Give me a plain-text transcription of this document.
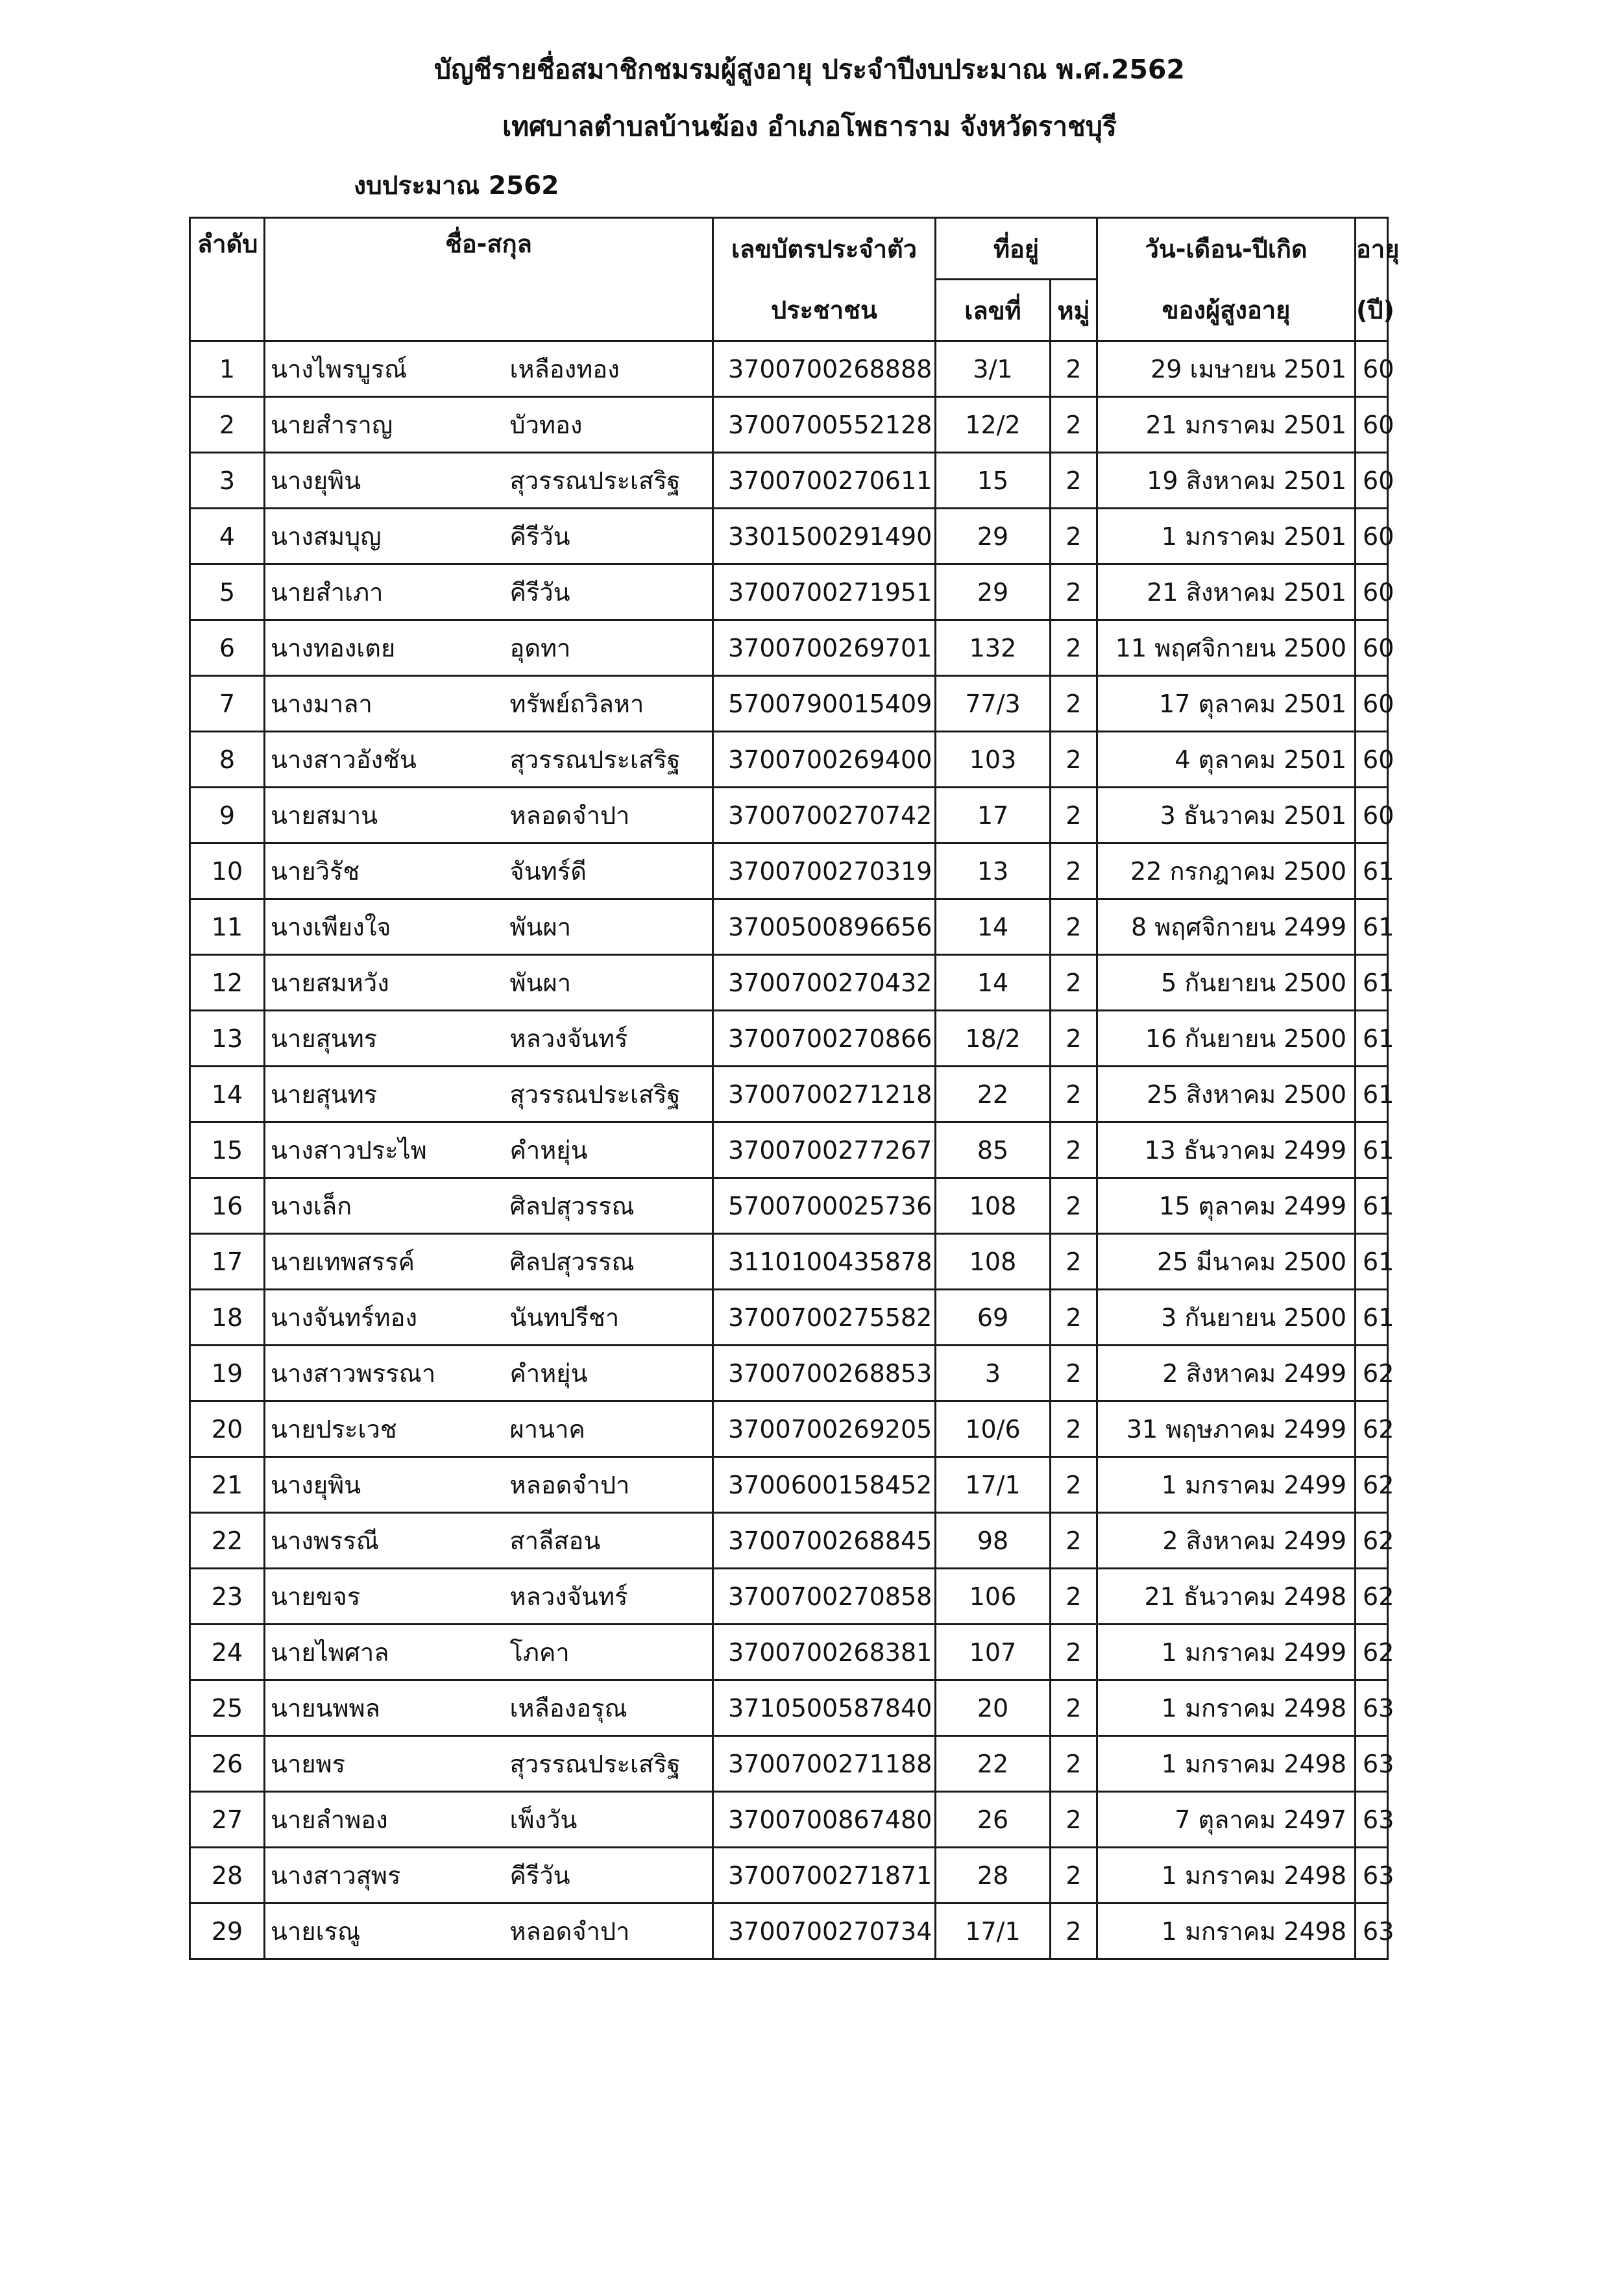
บัญชีรายชื่อสมาชิกชมรมผู้สูงอายุ ประจำปีงบประมาณ พ.ศ.2562
เทศบาลตำบลบ้านฆ้อง อำเภอโพธาราม จังหวัดราชบุรี
งบประมาณ 2562
ลำดับ	ชื่อ-สกุล		เลขบัตรประจำตัว	ที่อยู่		วัน-เดือน-ปีเกิด	อายุ
			ประชาชน	เลขที่	หมู่	ของผู้สูงอายุ	(ปี)
1	นางไพรบูรณ์	เหลืองทอง	3700700268888	3/1	2	29 เมษายน 2501	60
2	นายสำราญ	บัวทอง	3700700552128	12/2	2	21 มกราคม 2501	60
3	นางยุพิน	สุวรรณประเสริฐ	3700700270611	15	2	19 สิงหาคม 2501	60
4	นางสมบุญ	คีรีวัน	3301500291490	29	2	1 มกราคม 2501	60
5	นายสำเภา	คีรีวัน	3700700271951	29	2	21 สิงหาคม 2501	60
6	นางทองเตย	อุดทา	3700700269701	132	2	11 พฤศจิกายน 2500	60
7	นางมาลา	ทรัพย์ถวิลหา	5700790015409	77/3	2	17 ตุลาคม 2501	60
8	นางสาวอังชัน	สุวรรณประเสริฐ	3700700269400	103	2	4 ตุลาคม 2501	60
9	นายสมาน	หลอดจำปา	3700700270742	17	2	3 ธันวาคม 2501	60
10	นายวิรัช	จันทร์ดี	3700700270319	13	2	22 กรกฎาคม 2500	61
11	นางเพียงใจ	พันผา	3700500896656	14	2	8 พฤศจิกายน 2499	61
12	นายสมหวัง	พันผา	3700700270432	14	2	5 กันยายน 2500	61
13	นายสุนทร	หลวงจันทร์	3700700270866	18/2	2	16 กันยายน 2500	61
14	นายสุนทร	สุวรรณประเสริฐ	3700700271218	22	2	25 สิงหาคม 2500	61
15	นางสาวประไพ	คำหยุ่น	3700700277267	85	2	13 ธันวาคม 2499	61
16	นางเล็ก	ศิลปสุวรรณ	5700700025736	108	2	15 ตุลาคม 2499	61
17	นายเทพสรรค์	ศิลปสุวรรณ	3110100435878	108	2	25 มีนาคม 2500	61
18	นางจันทร์ทอง	นันทปรีชา	3700700275582	69	2	3 กันยายน 2500	61
19	นางสาวพรรณา	คำหยุ่น	3700700268853	3	2	2 สิงหาคม 2499	62
20	นายประเวช	ผานาค	3700700269205	10/6	2	31 พฤษภาคม 2499	62
21	นางยุพิน	หลอดจำปา	3700600158452	17/1	2	1 มกราคม 2499	62
22	นางพรรณี	สาลีสอน	3700700268845	98	2	2 สิงหาคม 2499	62
23	นายขจร	หลวงจันทร์	3700700270858	106	2	21 ธันวาคม 2498	62
24	นายไพศาล	โภคา	3700700268381	107	2	1 มกราคม 2499	62
25	นายนพพล	เหลืองอรุณ	3710500587840	20	2	1 มกราคม 2498	63
26	นายพร	สุวรรณประเสริฐ	3700700271188	22	2	1 มกราคม 2498	63
27	นายลำพอง	เพ็งวัน	3700700867480	26	2	7 ตุลาคม 2497	63
28	นางสาวสุพร	คีรีวัน	3700700271871	28	2	1 มกราคม 2498	63
29	นายเรณู	หลอดจำปา	3700700270734	17/1	2	1 มกราคม 2498	63
